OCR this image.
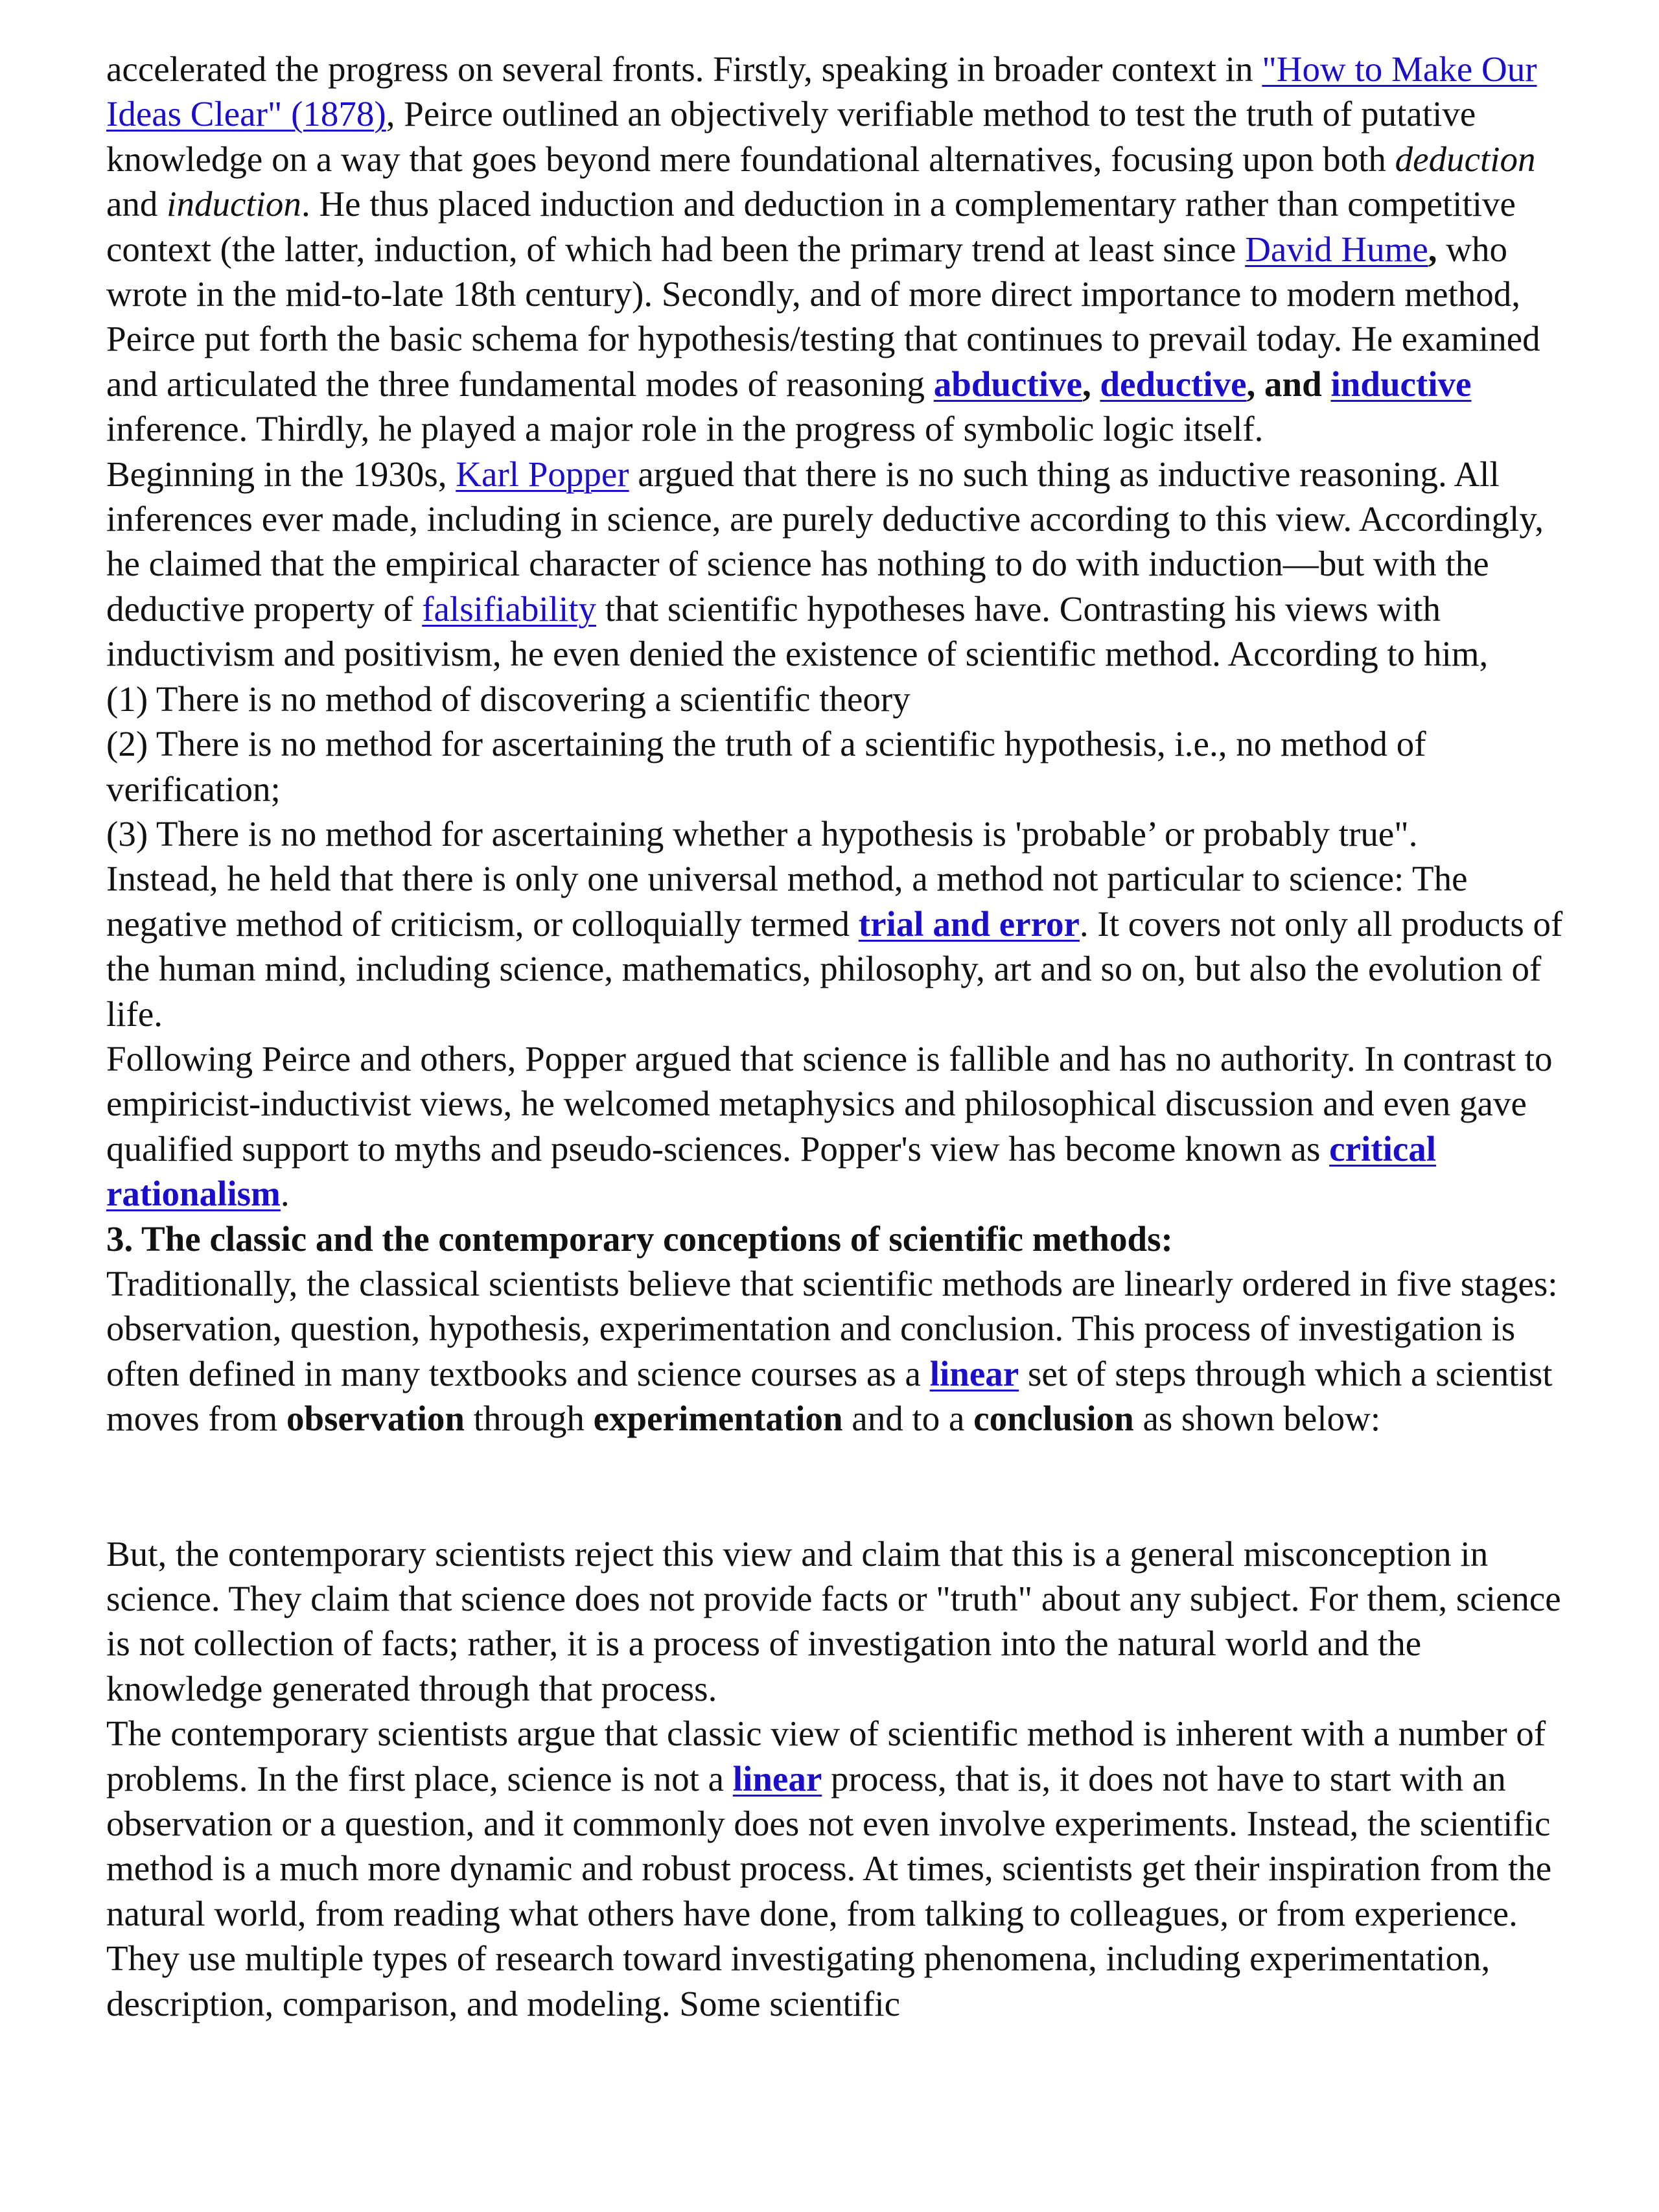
accelerated the progress on several fronts. Firstly, speaking in broader context in "How to Make Our Ideas Clear" (1878), Peirce outlined an objectively verifiable method to test the truth of putative knowledge on a way that goes beyond mere foundational alternatives, focusing upon both deduction and induction. He thus placed induction and deduction in a complementary rather than competitive context (the latter, induction, of which had been the primary trend at least since David Hume, who wrote in the mid-to-late 18th century). Secondly, and of more direct importance to modern method, Peirce put forth the basic schema for hypothesis/testing that continues to prevail today. He examined and articulated the three fundamental modes of reasoning abductive, deductive, and inductive inference. Thirdly, he played a major role in the progress of symbolic logic itself.

Beginning in the 1930s, Karl Popper argued that there is no such thing as inductive reasoning. All inferences ever made, including in science, are purely deductive according to this view. Accordingly, he claimed that the empirical character of science has nothing to do with induction—but with the deductive property of falsifiability that scientific hypotheses have. Contrasting his views with inductivism and positivism, he even denied the existence of scientific method. According to him,

(1) There is no method of discovering a scientific theory

(2) There is no method for ascertaining the truth of a scientific hypothesis, i.e., no method of verification;

(3) There is no method for ascertaining whether a hypothesis is 'probable’ or probably true".

Instead, he held that there is only one universal method, a method not particular to science: The negative method of criticism, or colloquially termed trial and error. It covers not only all products of the human mind, including science, mathematics, philosophy, art and so on, but also the evolution of life.

Following Peirce and others, Popper argued that science is fallible and has no authority. In contrast to empiricist-inductivist views, he welcomed metaphysics and philosophical discussion and even gave qualified support to myths and pseudo-sciences. Popper's view has become known as critical rationalism.

3. The classic and the contemporary conceptions of scientific methods:

Traditionally, the classical scientists believe that scientific methods are linearly ordered in five stages: observation, question, hypothesis, experimentation and conclusion. This process of investigation is often defined in many textbooks and science courses as a linear set of steps through which a scientist moves from observation through experimentation and to a conclusion as shown below:

But, the contemporary scientists reject this view and claim that this is a general misconception in science. They claim that science does not provide facts or "truth" about any subject. For them, science is not collection of facts; rather, it is a process of investigation into the natural world and the knowledge generated through that process.

The contemporary scientists argue that classic view of scientific method is inherent with a number of problems. In the first place, science is not a linear process, that is, it does not have to start with an observation or a question, and it commonly does not even involve experiments. Instead, the scientific method is a much more dynamic and robust process. At times, scientists get their inspiration from the natural world, from reading what others have done, from talking to colleagues, or from experience. They use multiple types of research toward investigating phenomena, including experimentation, description, comparison, and modeling. Some scientific
